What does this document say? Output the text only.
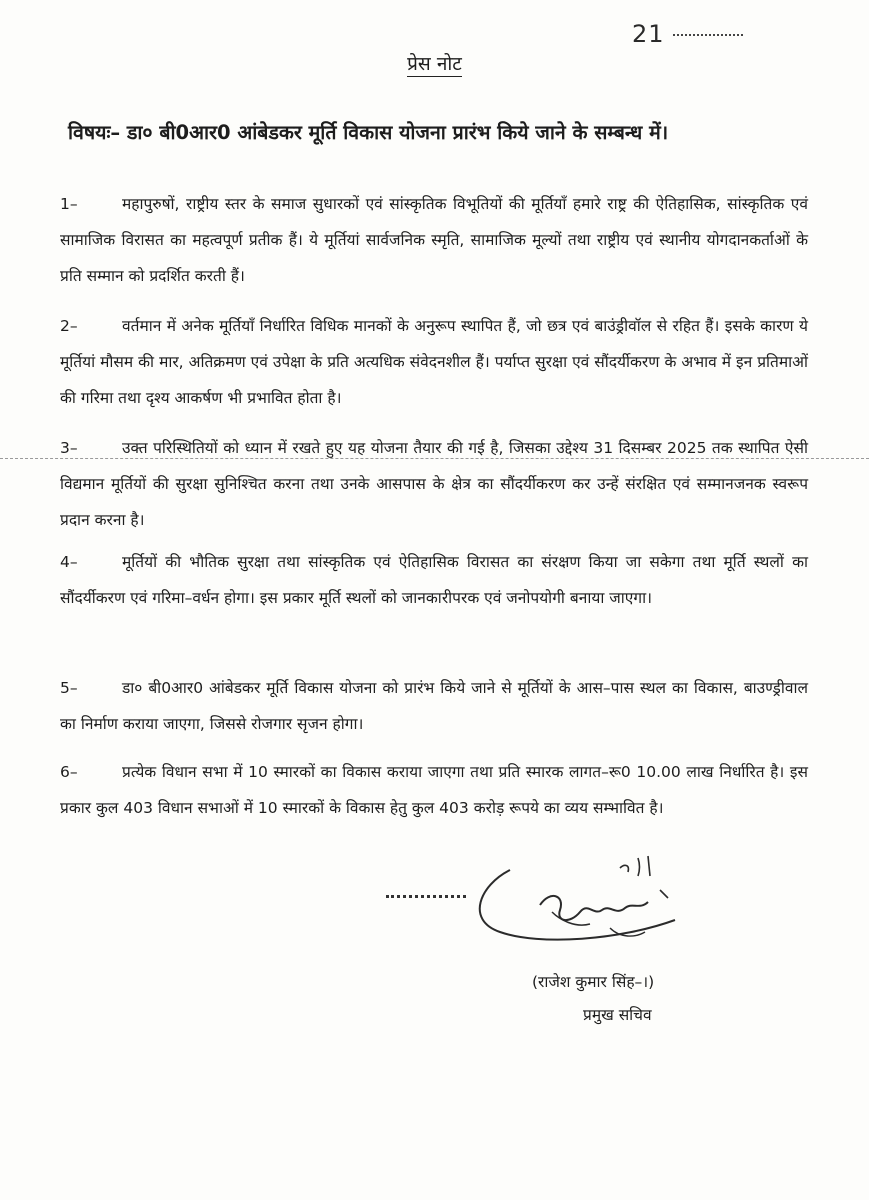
21
प्रेस नोट
विषयः– डा० बी0आर0 आंबेडकर मूर्ति विकास योजना प्रारंभ किये जाने के सम्बन्ध में।
1–	महापुरुषों, राष्ट्रीय स्तर के समाज सुधारकों एवं सांस्कृतिक विभूतियों की मूर्तियाँ हमारे राष्ट्र की ऐतिहासिक, सांस्कृतिक एवं सामाजिक विरासत का महत्वपूर्ण प्रतीक हैं। ये मूर्तियां सार्वजनिक स्मृति, सामाजिक मूल्यों तथा राष्ट्रीय एवं स्थानीय योगदानकर्ताओं के प्रति सम्मान को प्रदर्शित करती हैं।
2–	वर्तमान में अनेक मूर्तियाँ निर्धारित विधिक मानकों के अनुरूप स्थापित हैं, जो छत्र एवं बाउंड्रीवॉल से रहित हैं। इसके कारण ये मूर्तियां मौसम की मार, अतिक्रमण एवं उपेक्षा के प्रति अत्यधिक संवेदनशील हैं। पर्याप्त सुरक्षा एवं सौंदर्यीकरण के अभाव में इन प्रतिमाओं की गरिमा तथा दृश्य आकर्षण भी प्रभावित होता है।
3–	उक्त परिस्थितियों को ध्यान में रखते हुए यह योजना तैयार की गई है, जिसका उद्देश्य 31 दिसम्बर 2025 तक स्थापित ऐसी विद्यमान मूर्तियों की सुरक्षा सुनिश्चित करना तथा उनके आसपास के क्षेत्र का सौंदर्यीकरण कर उन्हें संरक्षित एवं सम्मानजनक स्वरूप प्रदान करना है।
4–	मूर्तियों की भौतिक सुरक्षा तथा सांस्कृतिक एवं ऐतिहासिक विरासत का संरक्षण किया जा सकेगा तथा मूर्ति स्थलों का सौंदर्यीकरण एवं गरिमा–वर्धन होगा। इस प्रकार मूर्ति स्थलों को जानकारीपरक एवं जनोपयोगी बनाया जाएगा।
5–	डा० बी0आर0 आंबेडकर मूर्ति विकास योजना को प्रारंभ किये जाने से मूर्तियों के आस–पास स्थल का विकास, बाउण्ड्रीवाल का निर्माण कराया जाएगा, जिससे रोजगार सृजन होगा।
6–	प्रत्येक विधान सभा में 10 स्मारकों का विकास कराया जाएगा तथा प्रति स्मारक लागत–रू0 10.00 लाख निर्धारित है। इस प्रकार कुल 403 विधान सभाओं में 10 स्मारकों के विकास हेतु कुल 403 करोड़ रूपये का व्यय सम्भावित है।
(राजेश कुमार सिंह–।)
प्रमुख सचिव
